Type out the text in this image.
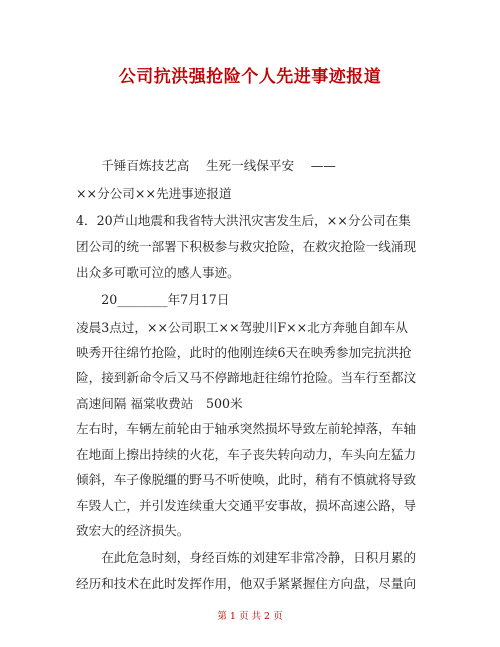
公司抗洪强抢险个人先进事迹报道
　　千锤百炼技艺高　 生死一线保平安　 ——
××分公司××先进事迹报道
4．20芦山地震和我省特大洪汛灾害发生后，××分公司在集
团公司的统一部署下积极参与救灾抢险，在救灾抢险一线涌现
出众多可歌可泣的感人事迹。
　　20________年7月17日
凌晨3点过，××公司职工××驾驶川F××北方奔驰自卸车从
映秀开往绵竹抢险，此时的他刚连续6天在映秀参加完抗洪抢
险，接到新命令后又马不停蹄地赶往绵竹抢险。当车行至都汶
高速间隔 福棠收费站　500米
左右时，车辆左前轮由于轴承突然损坏导致左前轮掉落，车轴
在地面上擦出持续的火花，车子丧失转向动力，车头向左猛力
倾斜，车子像脱缰的野马不听使唤，此时，稍有不慎就将导致
车毁人亡，并引发连续重大交通平安事故，损坏高速公路，导
致宏大的经济损失。
　　在此危急时刻，身经百炼的刘建军非常冷静，日积月累的
经历和技术在此时发挥作用，他双手紧紧握住方向盘，尽量向
第 1 页 共 2 页
